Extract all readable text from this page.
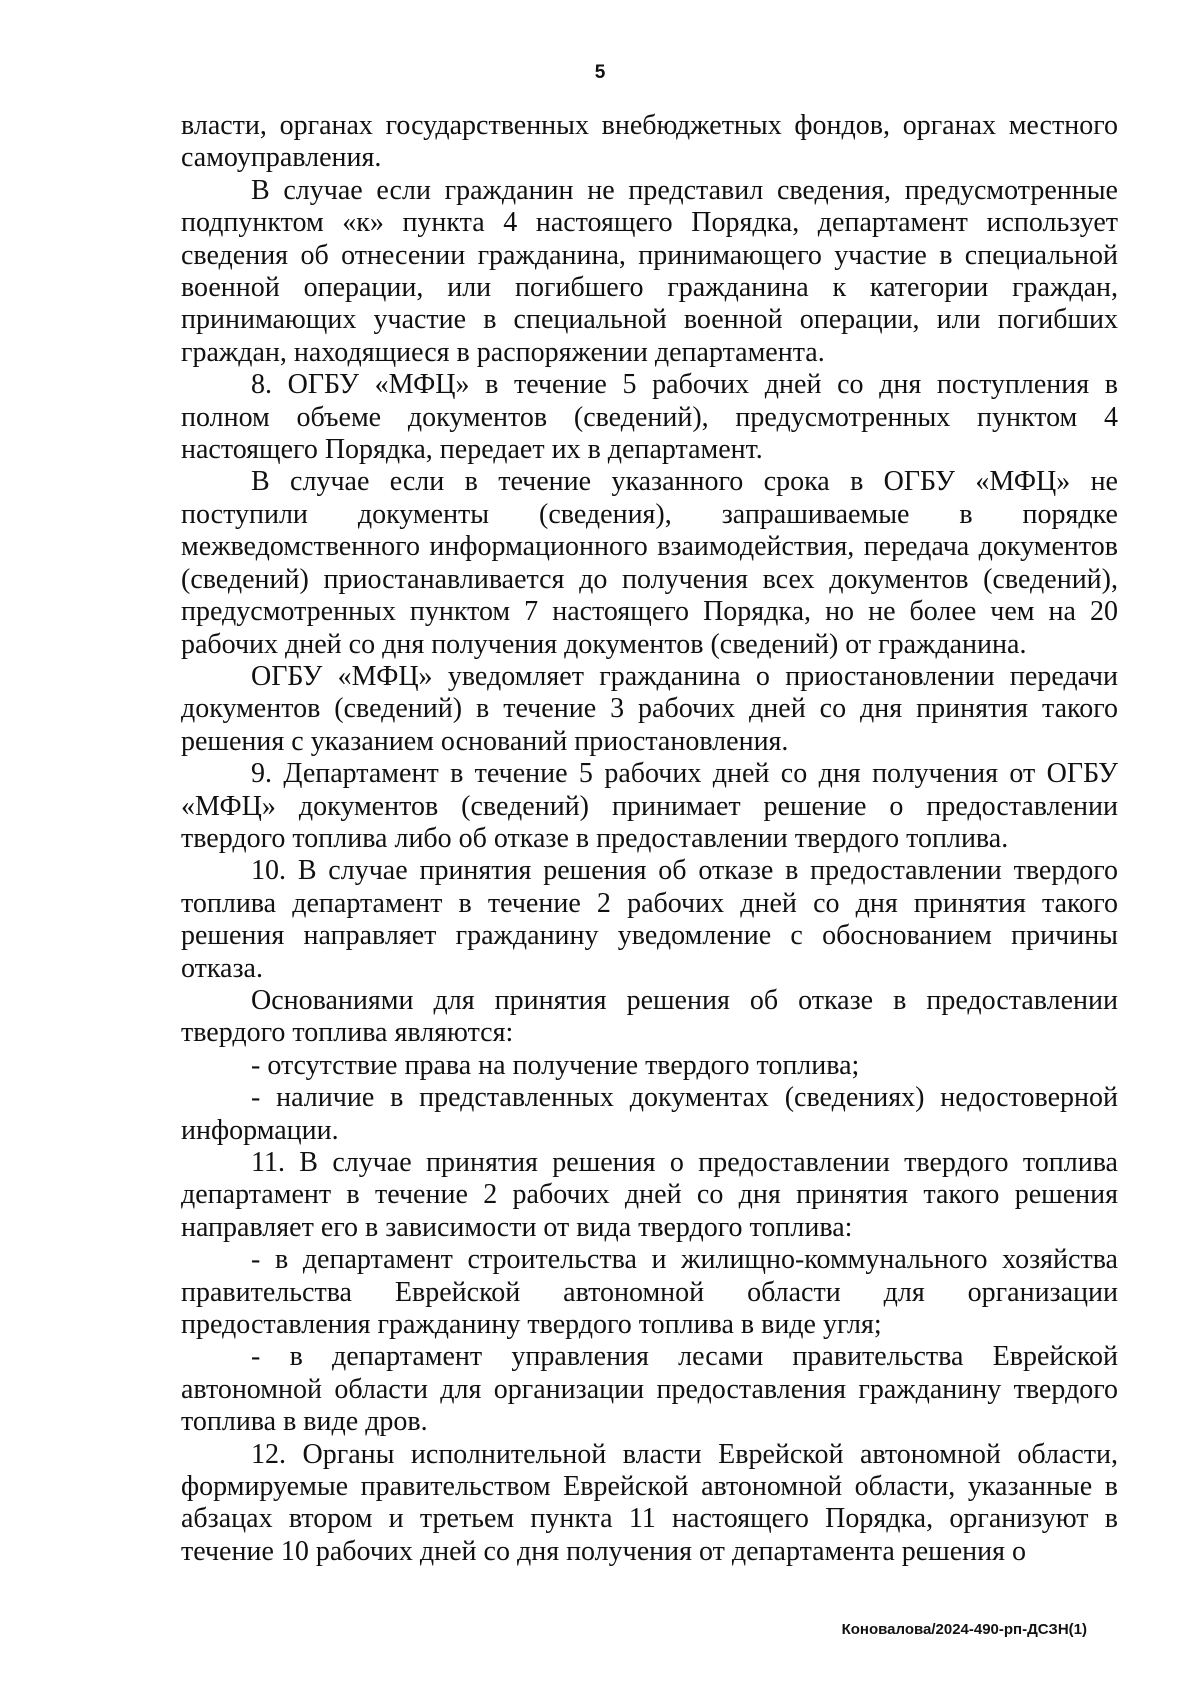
5

власти, органах государственных внебюджетных фондов, органах местного самоуправления.

В случае если гражданин не представил сведения, предусмотренные подпунктом «к» пункта 4 настоящего Порядка, департамент использует сведения об отнесении гражданина, принимающего участие в специальной военной операции, или погибшего гражданина к категории граждан, принимающих участие в специальной военной операции, или погибших граждан, находящиеся в распоряжении департамента.

8. ОГБУ «МФЦ» в течение 5 рабочих дней со дня поступления в полном объеме документов (сведений), предусмотренных пунктом 4 настоящего Порядка, передает их в департамент.

В случае если в течение указанного срока в ОГБУ «МФЦ» не поступили документы (сведения), запрашиваемые в порядке межведомственного информационного взаимодействия, передача документов (сведений) приостанавливается до получения всех документов (сведений), предусмотренных пунктом 7 настоящего Порядка, но не более чем на 20 рабочих дней со дня получения документов (сведений) от гражданина.

ОГБУ «МФЦ» уведомляет гражданина о приостановлении передачи документов (сведений) в течение 3 рабочих дней со дня принятия такого решения с указанием оснований приостановления.

9. Департамент в течение 5 рабочих дней со дня получения от ОГБУ «МФЦ» документов (сведений) принимает решение о предоставлении твердого топлива либо об отказе в предоставлении твердого топлива.

10. В случае принятия решения об отказе в предоставлении твердого топлива департамент в течение 2 рабочих дней со дня принятия такого решения направляет гражданину уведомление с обоснованием причины отказа.

Основаниями для принятия решения об отказе в предоставлении твердого топлива являются:

- отсутствие права на получение твердого топлива;

- наличие в представленных документах (сведениях) недостоверной информации.

11. В случае принятия решения о предоставлении твердого топлива департамент в течение 2 рабочих дней со дня принятия такого решения направляет его в зависимости от вида твердого топлива:

- в департамент строительства и жилищно-коммунального хозяйства правительства Еврейской автономной области для организации предоставления гражданину твердого топлива в виде угля;

- в департамент управления лесами правительства Еврейской автономной области для организации предоставления гражданину твердого топлива в виде дров.

12. Органы исполнительной власти Еврейской автономной области, формируемые правительством Еврейской автономной области, указанные в абзацах втором и третьем пункта 11 настоящего Порядка, организуют в течение 10 рабочих дней со дня получения от департамента решения о

Коновалова/2024-490-рп-ДСЗН(1)
